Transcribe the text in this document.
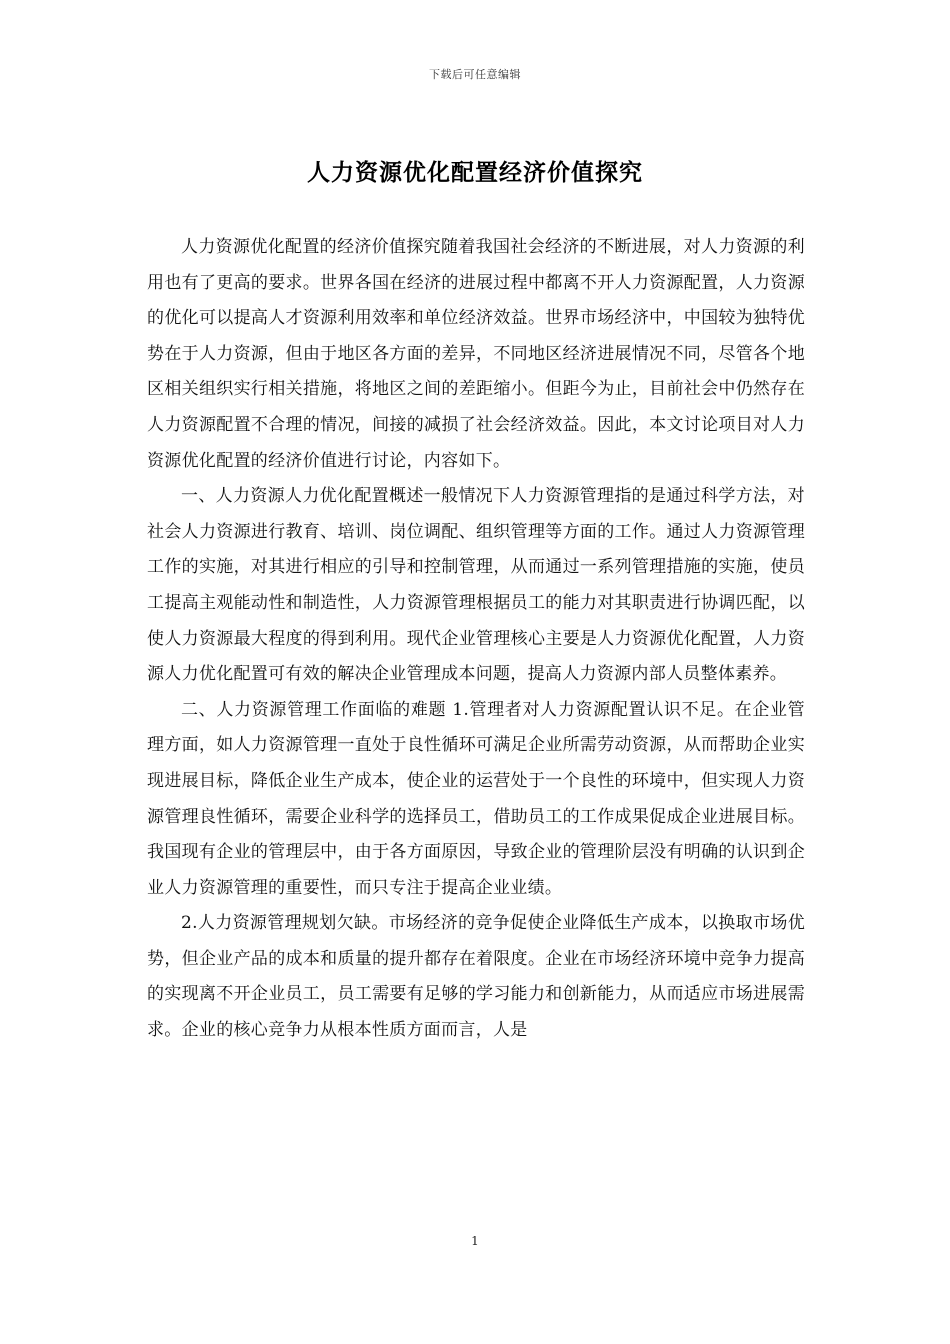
下载后可任意编辑
人力资源优化配置经济价值探究

人力资源优化配置的经济价值探究随着我国社会经济的不断进展，对人力资源的利用也有了更高的要求。世界各国在经济的进展过程中都离不开人力资源配置，人力资源的优化可以提高人才资源利用效率和单位经济效益。世界市场经济中，中国较为独特优势在于人力资源，但由于地区各方面的差异，不同地区经济进展情况不同，尽管各个地区相关组织实行相关措施，将地区之间的差距缩小。但距今为止，目前社会中仍然存在人力资源配置不合理的情况，间接的减损了社会经济效益。因此，本文讨论项目对人力资源优化配置的经济价值进行讨论，内容如下。

一、人力资源人力优化配置概述一般情况下人力资源管理指的是通过科学方法，对社会人力资源进行教育、培训、岗位调配、组织管理等方面的工作。通过人力资源管理工作的实施，对其进行相应的引导和控制管理，从而通过一系列管理措施的实施，使员工提高主观能动性和制造性，人力资源管理根据员工的能力对其职责进行协调匹配，以使人力资源最大程度的得到利用。现代企业管理核心主要是人力资源优化配置，人力资源人力优化配置可有效的解决企业管理成本问题，提高人力资源内部人员整体素养。

二、人力资源管理工作面临的难题 1.管理者对人力资源配置认识不足。在企业管理方面，如人力资源管理一直处于良性循环可满足企业所需劳动资源，从而帮助企业实现进展目标，降低企业生产成本，使企业的运营处于一个良性的环境中，但实现人力资源管理良性循环，需要企业科学的选择员工，借助员工的工作成果促成企业进展目标。我国现有企业的管理层中，由于各方面原因，导致企业的管理阶层没有明确的认识到企业人力资源管理的重要性，而只专注于提高企业业绩。

2.人力资源管理规划欠缺。市场经济的竞争促使企业降低生产成本，以换取市场优势，但企业产品的成本和质量的提升都存在着限度。企业在市场经济环境中竞争力提高的实现离不开企业员工，员工需要有足够的学习能力和创新能力，从而适应市场进展需求。企业的核心竞争力从根本性质方面而言，人是

1
